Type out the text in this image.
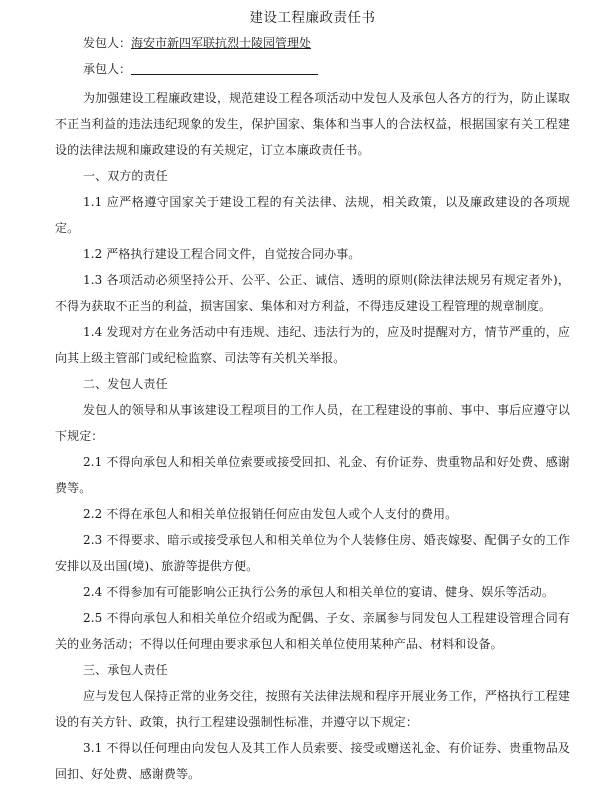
建设工程廉政责任书
发包人：海安市新四军联抗烈士陵园管理处
承包人：

为加强建设工程廉政建设，规范建设工程各项活动中发包人及承包人各方的行为，防止谋取不正当利益的违法违纪现象的发生，保护国家、集体和当事人的合法权益，根据国家有关工程建设的法律法规和廉政建设的有关规定，订立本廉政责任书。

一、双方的责任

1.1 应严格遵守国家关于建设工程的有关法律、法规，相关政策，以及廉政建设的各项规定。

1.2 严格执行建设工程合同文件，自觉按合同办事。

1.3 各项活动必须坚持公开、公平、公正、诚信、透明的原则(除法律法规另有规定者外)，不得为获取不正当的利益，损害国家、集体和对方利益，不得违反建设工程管理的规章制度。

1.4 发现对方在业务活动中有违规、违纪、违法行为的，应及时提醒对方，情节严重的，应向其上级主管部门或纪检监察、司法等有关机关举报。

二、发包人责任

发包人的领导和从事该建设工程项目的工作人员，在工程建设的事前、事中、事后应遵守以下规定：

2.1 不得向承包人和相关单位索要或接受回扣、礼金、有价证券、贵重物品和好处费、感谢费等。

2.2 不得在承包人和相关单位报销任何应由发包人或个人支付的费用。

2.3 不得要求、暗示或接受承包人和相关单位为个人装修住房、婚丧嫁娶、配偶子女的工作安排以及出国(境)、旅游等提供方便。

2.4 不得参加有可能影响公正执行公务的承包人和相关单位的宴请、健身、娱乐等活动。

2.5 不得向承包人和相关单位介绍或为配偶、子女、亲属参与同发包人工程建设管理合同有关的业务活动；不得以任何理由要求承包人和相关单位使用某种产品、材料和设备。

三、承包人责任

应与发包人保持正常的业务交往，按照有关法律法规和程序开展业务工作，严格执行工程建设的有关方针、政策，执行工程建设强制性标准，并遵守以下规定：

3.1 不得以任何理由向发包人及其工作人员索要、接受或赠送礼金、有价证券、贵重物品及回扣、好处费、感谢费等。
